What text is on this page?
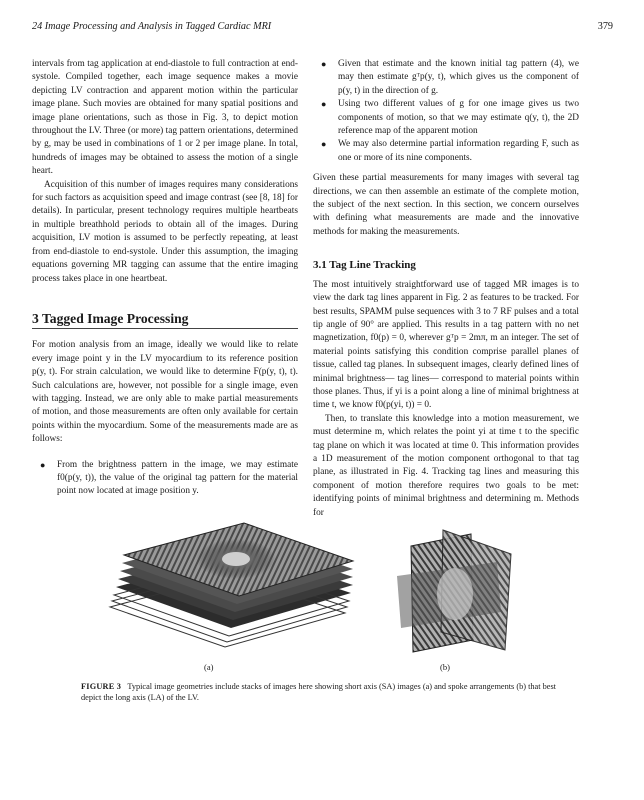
24 Image Processing and Analysis in Tagged Cardiac MRI	379

intervals from tag application at end-diastole to full contraction at end-systole. Compiled together, each image sequence makes a movie depicting LV contraction and apparent motion within the particular image plane. Such movies are obtained for many spatial positions and image plane orientations, such as those in Fig. 3, to depict motion throughout the LV. Three (or more) tag pattern orientations, determined by g, may be used in combinations of 1 or 2 per image plane. In total, hundreds of images may be obtained to assess the motion of a single heart.

Acquisition of this number of images requires many considerations for such factors as acquisition speed and image contrast (see [8, 18] for details). In particular, present technology requires multiple heartbeats in multiple breathhold periods to obtain all of the images. During acquisition, LV motion is assumed to be perfectly repeating, at least from end-diastole to end-systole. Under this assumption, the imaging equations governing MR tagging can assume that the entire imaging process takes place in one heartbeat.

3 Tagged Image Processing

For motion analysis from an image, ideally we would like to relate every image point y in the LV myocardium to its reference position p(y, t). For strain calculation, we would like to determine F(p(y, t), t). Such calculations are, however, not possible for a single image, even with tagging. Instead, we are only able to make partial measurements of motion, and those measurements are often only available for certain points within the myocardium. Some of the measurements made are as follows:

● From the brightness pattern in the image, we may estimate f0(p(y, t)), the value of the original tag pattern for the material point now located at image position y.
● Given that estimate and the known initial tag pattern (4), we may then estimate gᵀp(y, t), which gives us the component of p(y, t) in the direction of g.
● Using two different values of g for one image gives us two components of motion, so that we may estimate q(y, t), the 2D reference map of the apparent motion
● We may also determine partial information regarding F, such as one or more of its nine components.

Given these partial measurements for many images with several tag directions, we can then assemble an estimate of the complete motion, the subject of the next section. In this section, we concern ourselves with defining what measurements are made and the innovative methods for making the measurements.

3.1 Tag Line Tracking

The most intuitively straightforward use of tagged MR images is to view the dark tag lines apparent in Fig. 2 as features to be tracked. For best results, SPAMM pulse sequences with 3 to 7 RF pulses and a total tip angle of 90° are applied. This results in a tag pattern with no net magnetization, f0(p) = 0, wherever gᵀp = 2mπ, m an integer. The set of material points satisfying this condition comprise parallel planes of tissue, called tag planes. In subsequent images, clearly defined lines of minimal brightness— tag lines— correspond to material points within those planes. Thus, if yi is a point along a line of minimal brightness at time t, we know f0(p(yi, t)) = 0.

Then, to translate this knowledge into a motion measurement, we must determine m, which relates the point yi at time t to the specific tag plane on which it was located at time 0. This information provides a 1D measurement of the motion component orthogonal to that tag plane, as illustrated in Fig. 4. Tracking tag lines and measuring this component of motion therefore requires two goals to be met: identifying points of minimal brightness and determining m. Methods for

(a)	(b)
FIGURE 3 Typical image geometries include stacks of images here showing short axis (SA) images (a) and spoke arrangements (b) that best depict the long axis (LA) of the LV.
